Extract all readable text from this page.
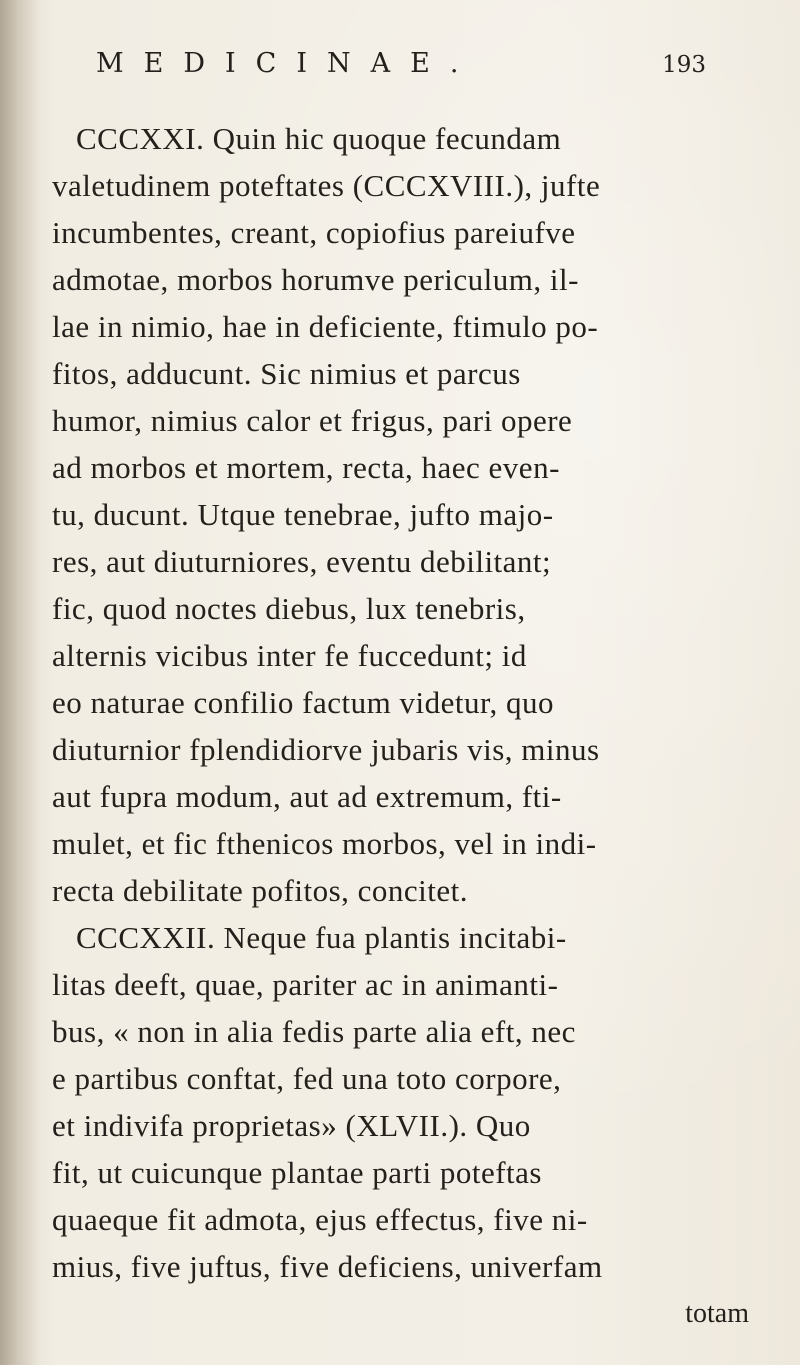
MEDICINAE.	193
CCCXXI. Quin hic quoque fecundam
valetudinem poteftates (CCCXVIII.), jufte
incumbentes, creant, copiofius pareiufve
admotae, morbos horumve periculum, il-
lae in nimio, hae in deficiente, ftimulo po-
fitos, adducunt. Sic nimius et parcus
humor, nimius calor et frigus, pari opere
ad morbos et mortem, recta, haec even-
tu, ducunt. Utque tenebrae, jufto majo-
res, aut diuturniores, eventu debilitant;
fic, quod noctes diebus, lux tenebris,
alternis vicibus inter fe fuccedunt; id
eo naturae confilio factum videtur, quo
diuturnior fplendidiorve jubaris vis, minus
aut fupra modum, aut ad extremum, fti-
mulet, et fic fthenicos morbos, vel in indi-
recta debilitate pofitos, concitet.
CCCXXII. Neque fua plantis incitabi-
litas deeft, quae, pariter ac in animanti-
bus, « non in alia fedis parte alia eft, nec
e partibus conftat, fed una toto corpore,
et indivifa proprietas» (XLVII.). Quo
fit, ut cuicunque plantae parti poteftas
quaeque fit admota, ejus effectus, five ni-
mius, five juftus, five deficiens, univerfam
totam
